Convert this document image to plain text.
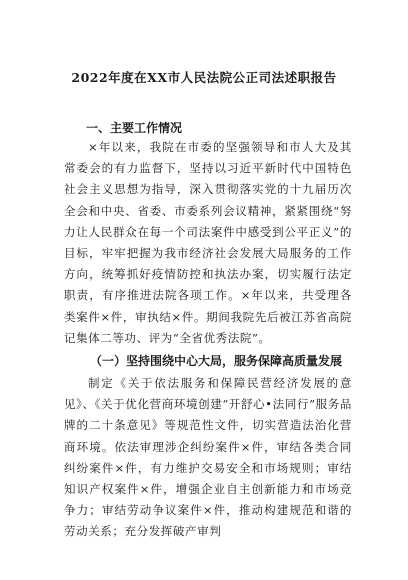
2022年度在XX市人民法院公正司法述职报告
一、主要工作情况

×年以来，我院在市委的坚强领导和市人大及其常委会的有力监督下，坚持以习近平新时代中国特色社会主义思想为指导，深入贯彻落实党的十九届历次全会和中央、省委、市委系列会议精神，紧紧围绕“努力让人民群众在每一个司法案件中感受到公平正义”的目标，牢牢把握为我市经济社会发展大局服务的工作方向，统筹抓好疫情防控和执法办案，切实履行法定职责，有序推进法院各项工作。×年以来，共受理各类案件×件，审执结×件。期间我院先后被江苏省高院记集体二等功、评为“全省优秀法院”。

（一）坚持围绕中心大局，服务保障高质量发展

制定《关于依法服务和保障民营经济发展的意见》、《关于优化营商环境创建“开舒心•法同行”服务品牌的二十条意见》等规范性文件，切实营造法治化营商环境。依法审理涉企纠纷案件×件，审结各类合同纠纷案件×件，有力维护交易安全和市场规则；审结知识产权案件×件，增强企业自主创新能力和市场竞争力；审结劳动争议案件×件，推动构建规范和谐的劳动关系；充分发挥破产审判
